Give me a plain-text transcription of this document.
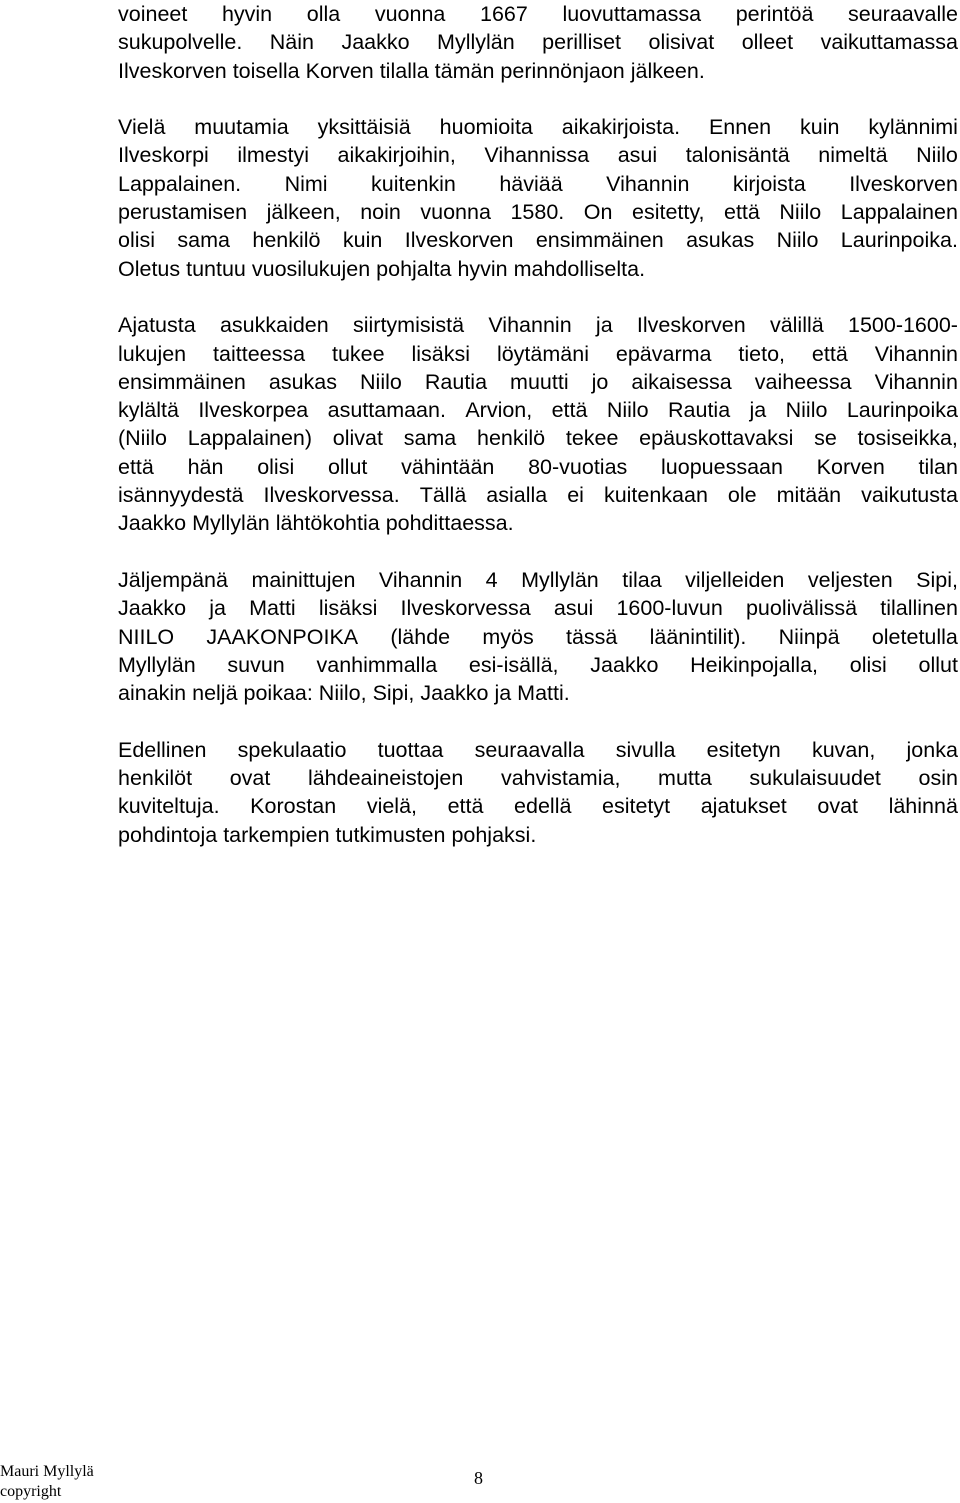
voineet hyvin olla vuonna 1667 luovuttamassa perintöä seuraavalle
sukupolvelle. Näin Jaakko Myllylän perilliset olisivat olleet vaikuttamassa
Ilveskorven toisella Korven tilalla tämän perinnönjaon jälkeen.
Vielä muutamia yksittäisiä huomioita aikakirjoista. Ennen kuin kylännimi
Ilveskorpi ilmestyi aikakirjoihin, Vihannissa asui talonisäntä nimeltä Niilo
Lappalainen. Nimi kuitenkin häviää Vihannin kirjoista Ilveskorven
perustamisen jälkeen, noin vuonna 1580. On esitetty, että Niilo Lappalainen
olisi sama henkilö kuin Ilveskorven ensimmäinen asukas Niilo Laurinpoika.
Oletus tuntuu vuosilukujen pohjalta hyvin mahdolliselta.
Ajatusta asukkaiden siirtymisistä Vihannin ja Ilveskorven välillä 1500-1600-
lukujen taitteessa tukee lisäksi löytämäni epävarma tieto, että Vihannin
ensimmäinen asukas Niilo Rautia muutti jo aikaisessa vaiheessa Vihannin
kylältä Ilveskorpea asuttamaan. Arvion, että Niilo Rautia ja Niilo Laurinpoika
(Niilo Lappalainen) olivat sama henkilö tekee epäuskottavaksi se tosiseikka,
että hän olisi ollut vähintään 80-vuotias luopuessaan Korven tilan
isännyydestä Ilveskorvessa. Tällä asialla ei kuitenkaan ole mitään vaikutusta
Jaakko Myllylän lähtökohtia pohdittaessa.
Jäljempänä mainittujen Vihannin 4 Myllylän tilaa viljelleiden veljesten Sipi,
Jaakko ja Matti lisäksi Ilveskorvessa asui 1600-luvun puolivälissä tilallinen
NIILO JAAKONPOIKA (lähde myös tässä läänintilit). Niinpä oletetulla
Myllylän suvun vanhimmalla esi-isällä, Jaakko Heikinpojalla, olisi ollut
ainakin neljä poikaa: Niilo, Sipi, Jaakko ja Matti.
Edellinen spekulaatio tuottaa seuraavalla sivulla esitetyn kuvan, jonka
henkilöt ovat lähdeaineistojen vahvistamia, mutta sukulaisuudet osin
kuviteltuja. Korostan vielä, että edellä esitetyt ajatukset ovat lähinnä
pohdintoja tarkempien tutkimusten pohjaksi.
Mauri Myllylä
copyright
8
